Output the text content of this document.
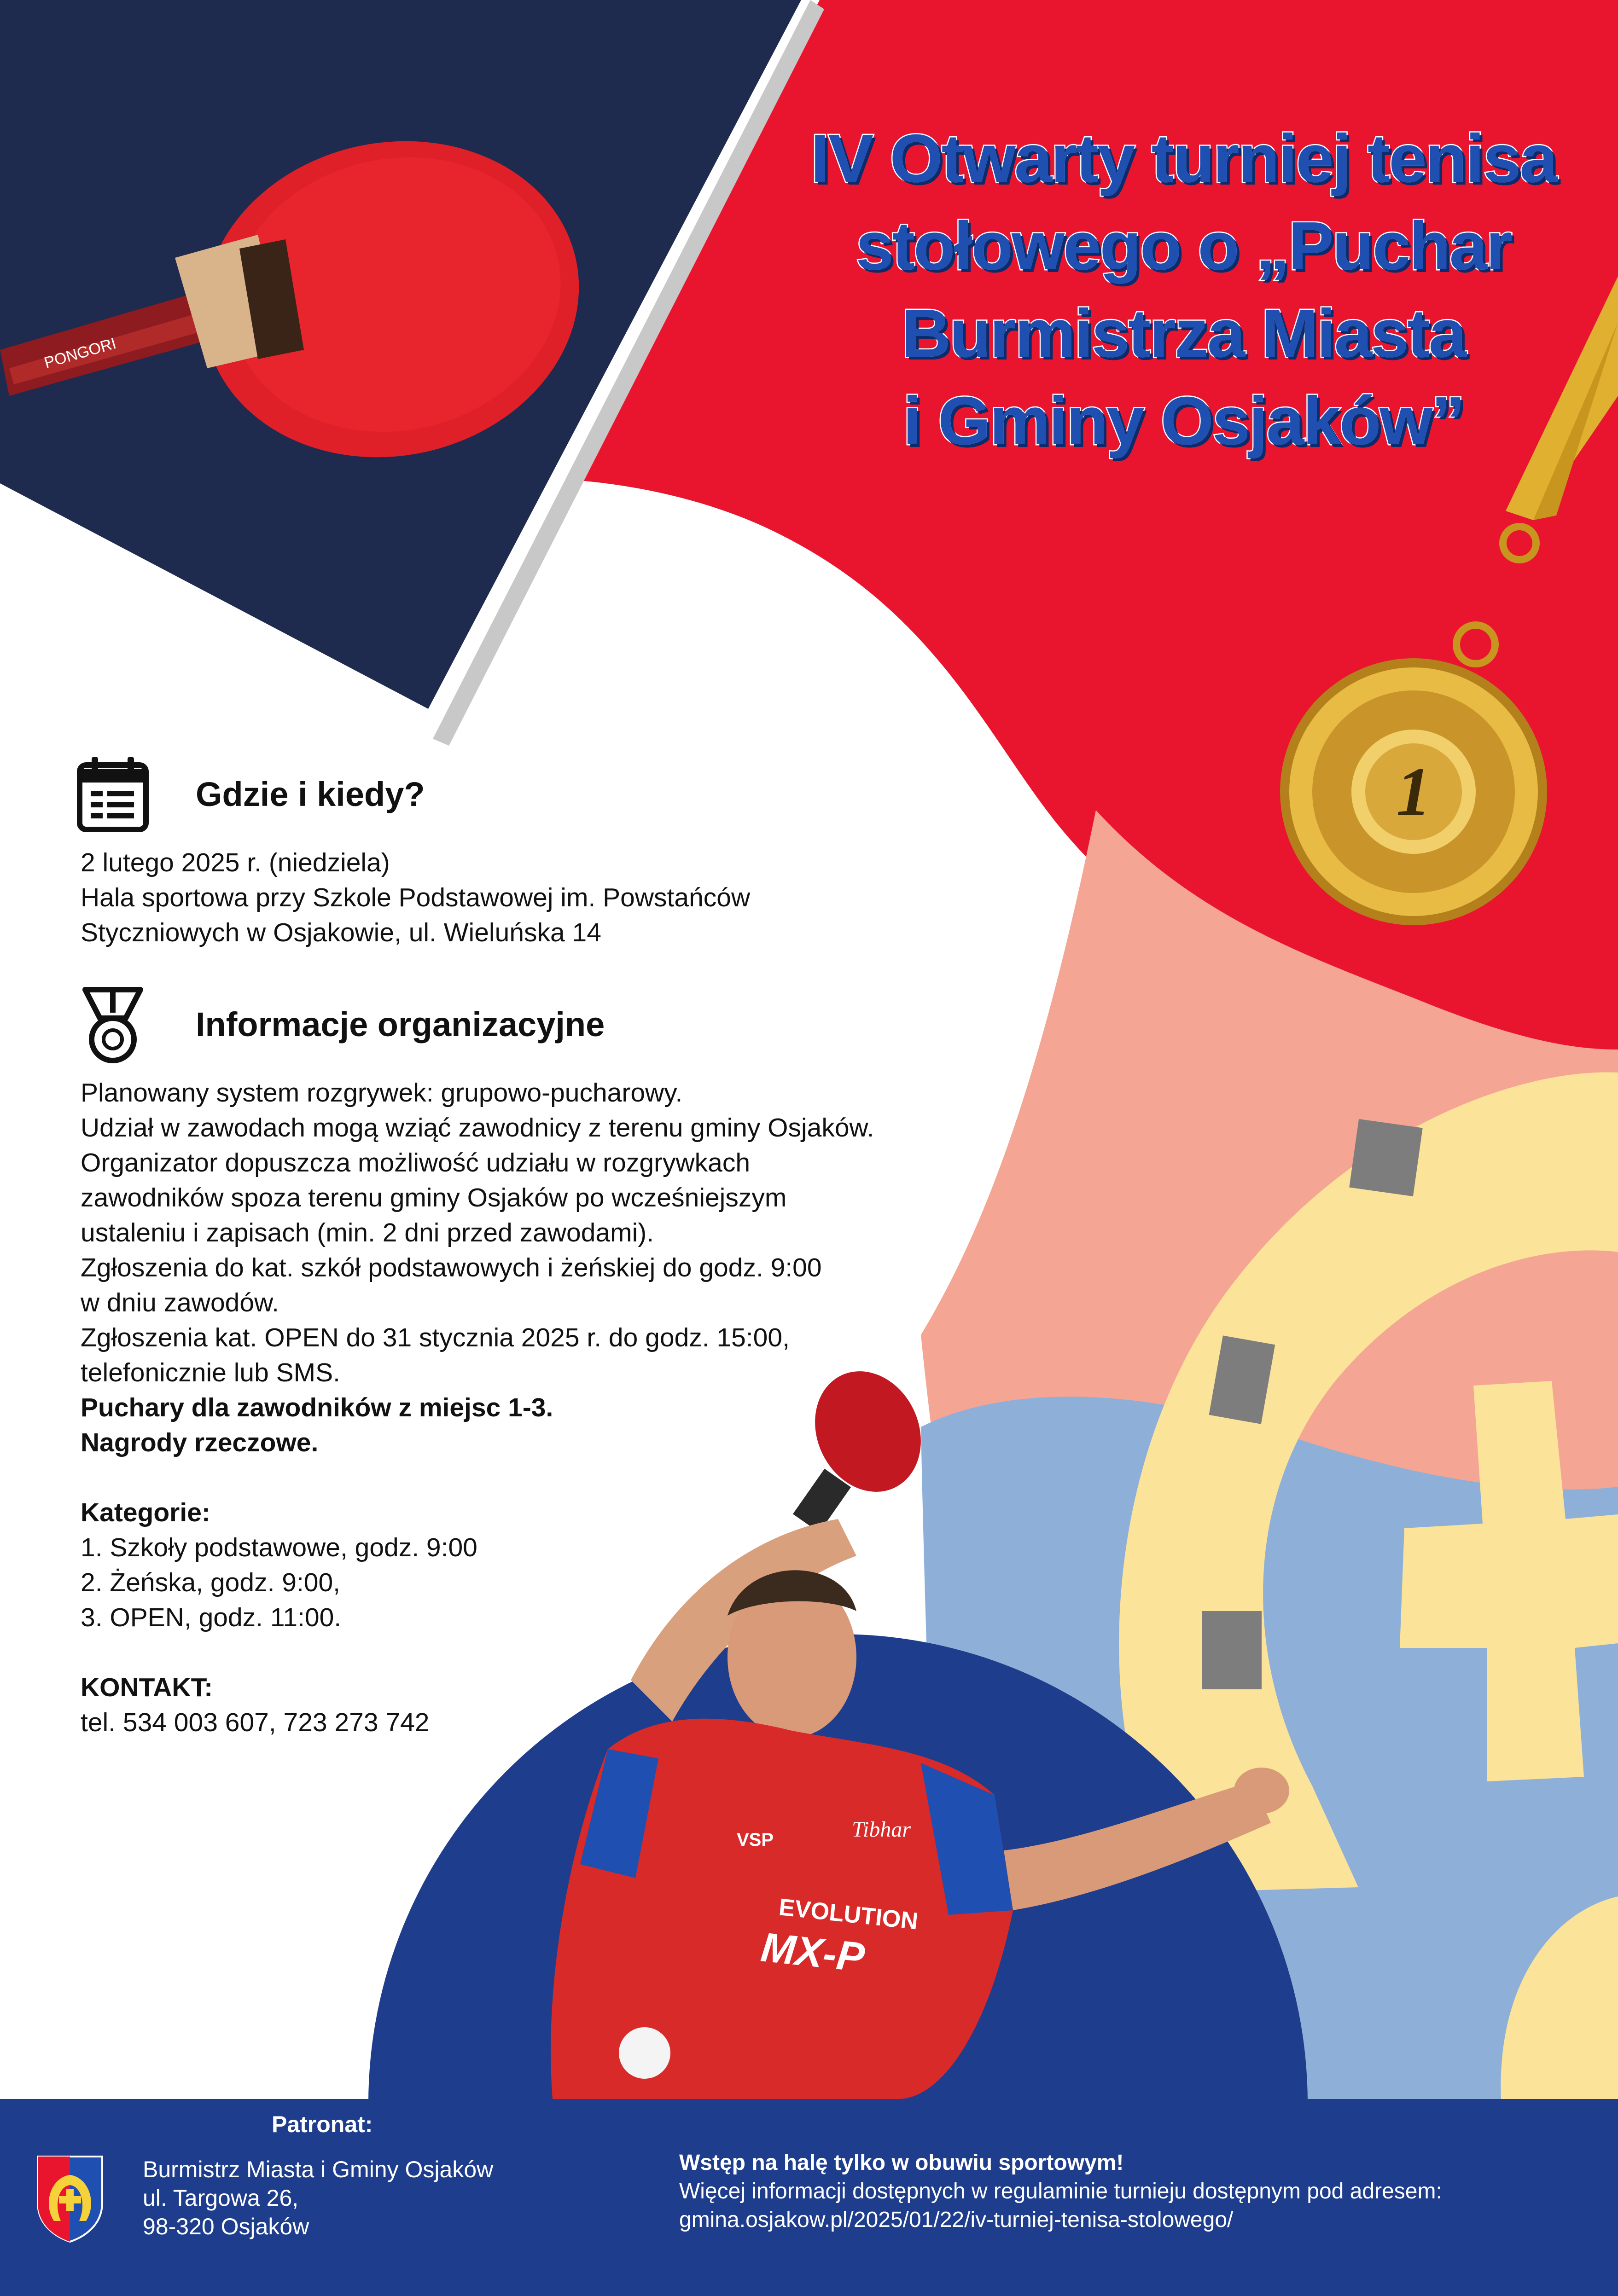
PONGORI
1
VSP	Tibhar
EVOLUTION
MX-P
IV Otwarty turniej tenisa
stołowego o „Puchar
Burmistrza Miasta
i Gminy Osjaków”
Gdzie i kiedy?

2 lutego 2025 r. (niedziela)

Hala sportowa przy Szkole Podstawowej im. Powstańców

Styczniowych w Osjakowie, ul. Wieluńska 14

Informacje organizacyjne

Planowany system rozgrywek: grupowo-pucharowy.

Udział w zawodach mogą wziąć zawodnicy z terenu gminy Osjaków.

Organizator dopuszcza możliwość udziału w rozgrywkach

zawodników spoza terenu gminy Osjaków po wcześniejszym

ustaleniu i zapisach (min. 2 dni przed zawodami).

Zgłoszenia do kat. szkół podstawowych i żeńskiej do godz. 9:00

w dniu zawodów.

Zgłoszenia kat. OPEN do 31 stycznia 2025 r. do godz. 15:00,

telefonicznie lub SMS.

Puchary dla zawodników z miejsc 1-3.

Nagrody rzeczowe.

Kategorie:

1. Szkoły podstawowe, godz. 9:00

2. Żeńska, godz. 9:00,

3. OPEN, godz. 11:00.

KONTAKT:

tel. 534 003 607, 723 273 742

Patronat:

Burmistrz Miasta i Gminy Osjaków

ul. Targowa 26,

98-320 Osjaków

Wstęp na halę tylko w obuwiu sportowym!

Więcej informacji dostępnych w regulaminie turnieju dostępnym pod adresem:

gmina.osjakow.pl/2025/01/22/iv-turniej-tenisa-stolowego/
